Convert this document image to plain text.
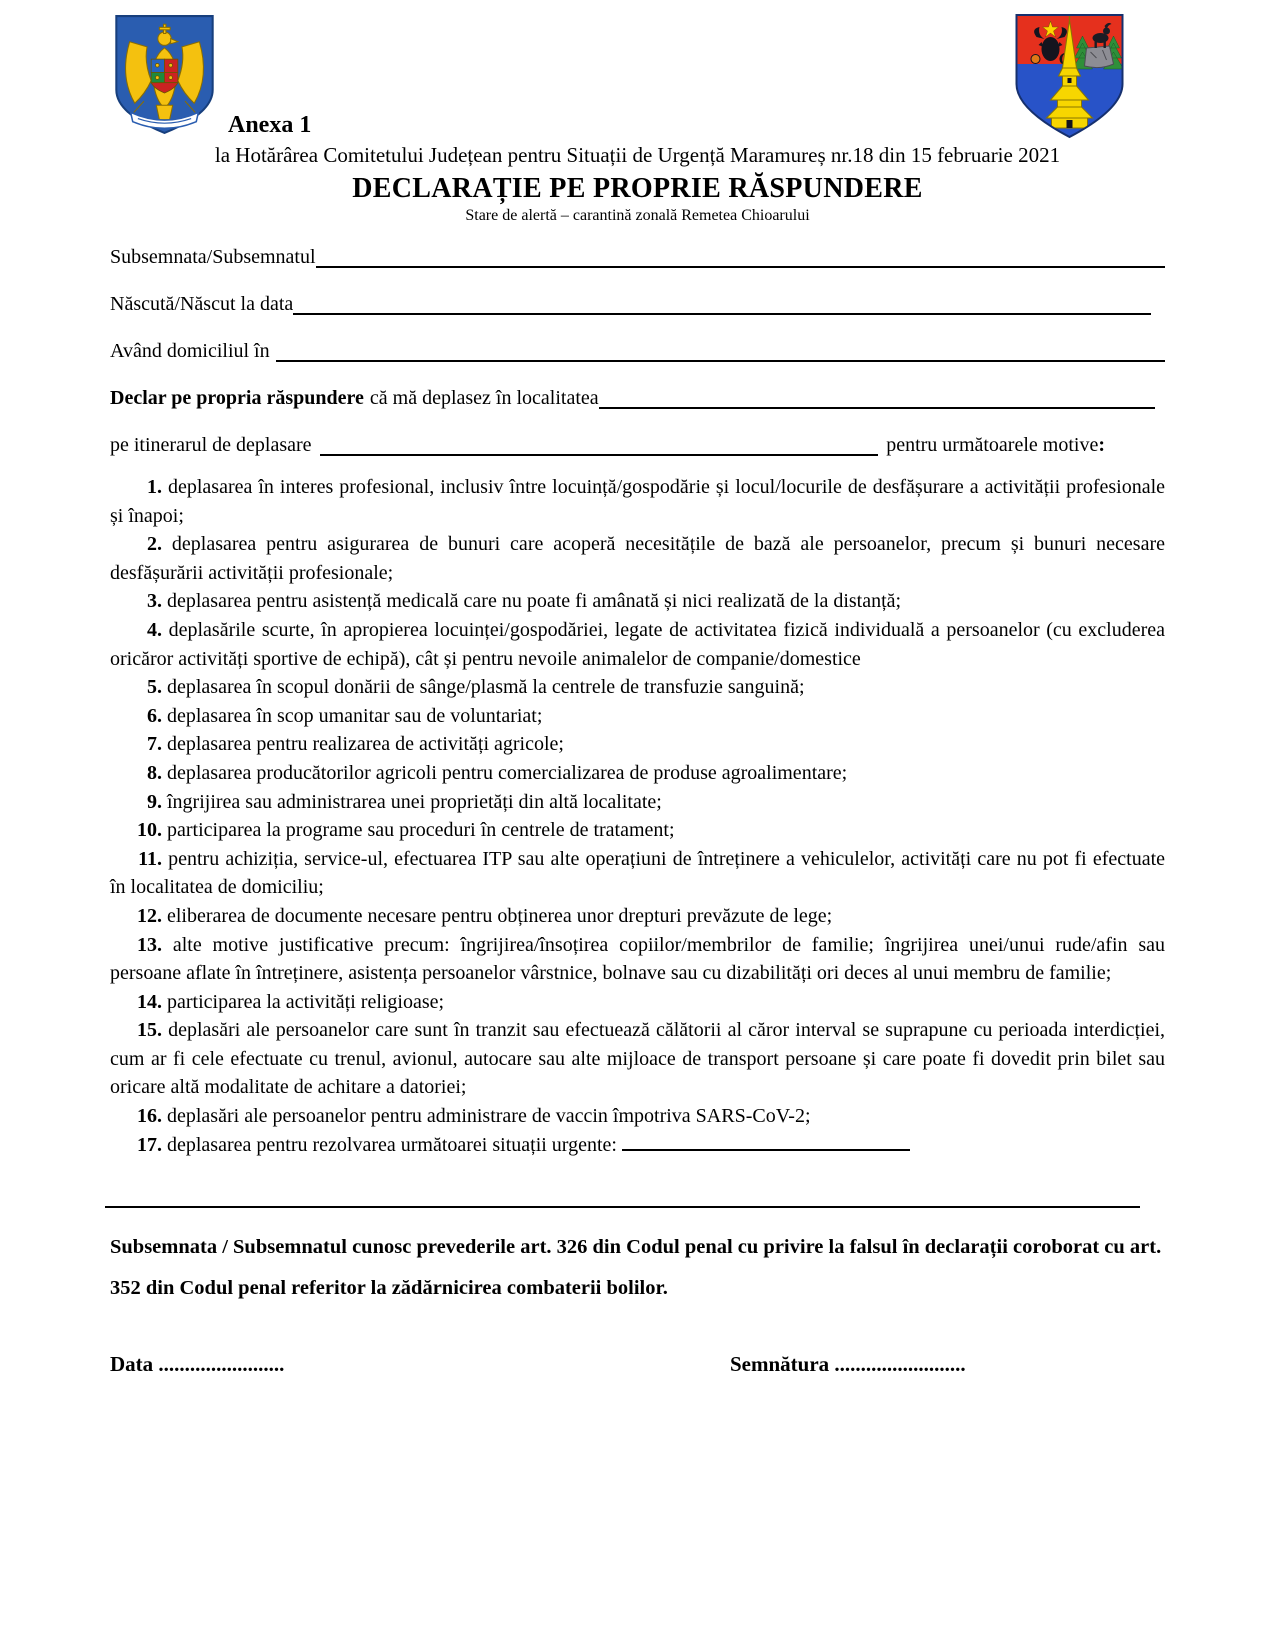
Anexa 1
la Hotărârea Comitetului Județean pentru Situații de Urgență Maramureș nr.18 din 15 februarie 2021
DECLARAȚIE PE PROPRIE RĂSPUNDERE
Stare de alertă – carantină zonală Remetea Chioarului
Subsemnata/Subsemnatul
Născută/Născut la data
Având domiciliul în
Declar pe propria răspundere că mă deplasez în localitatea
pe itinerarul de deplasare	pentru următoarele motive:

1. deplasarea în interes profesional, inclusiv între locuință/gospodărie și locul/locurile de desfășurare a activității profesionale și înapoi;

2. deplasarea pentru asigurarea de bunuri care acoperă necesitățile de bază ale persoanelor, precum și bunuri necesare desfășurării activității profesionale;

3. deplasarea pentru asistență medicală care nu poate fi amânată și nici realizată de la distanță;

4. deplasările scurte, în apropierea locuinței/gospodăriei, legate de activitatea fizică individuală a persoanelor (cu excluderea oricăror activități sportive de echipă), cât și pentru nevoile animalelor de companie/domestice

5. deplasarea în scopul donării de sânge/plasmă la centrele de transfuzie sanguină;

6. deplasarea în scop umanitar sau de voluntariat;

7. deplasarea pentru realizarea de activități agricole;

8. deplasarea producătorilor agricoli pentru comercializarea de produse agroalimentare;

9. îngrijirea sau administrarea unei proprietăți din altă localitate;

10. participarea la programe sau proceduri în centrele de tratament;

11. pentru achiziția, service-ul, efectuarea ITP sau alte operațiuni de întreținere a vehiculelor, activități care nu pot fi efectuate în localitatea de domiciliu;

12. eliberarea de documente necesare pentru obținerea unor drepturi prevăzute de lege;

13. alte motive justificative precum: îngrijirea/însoțirea copiilor/membrilor de familie; îngrijirea unei/unui rude/afin sau persoane aflate în întreținere, asistența persoanelor vârstnice, bolnave sau cu dizabilități ori deces al unui membru de familie;

14. participarea la activități religioase;

15. deplasări ale persoanelor care sunt în tranzit sau efectuează călătorii al căror interval se suprapune cu perioada interdicției, cum ar fi cele efectuate cu trenul, avionul, autocare sau alte mijloace de transport persoane și care poate fi dovedit prin bilet sau oricare altă modalitate de achitare a datoriei;

16. deplasări ale persoanelor pentru administrare de vaccin împotriva SARS-CoV-2;

17. deplasarea pentru rezolvarea următoarei situații urgente:

Subsemnata / Subsemnatul cunosc prevederile art. 326 din Codul penal cu privire la falsul în declarații coroborat cu art. 352 din Codul penal referitor la zădărnicirea combaterii bolilor.

Data ........................	Semnătura .........................
